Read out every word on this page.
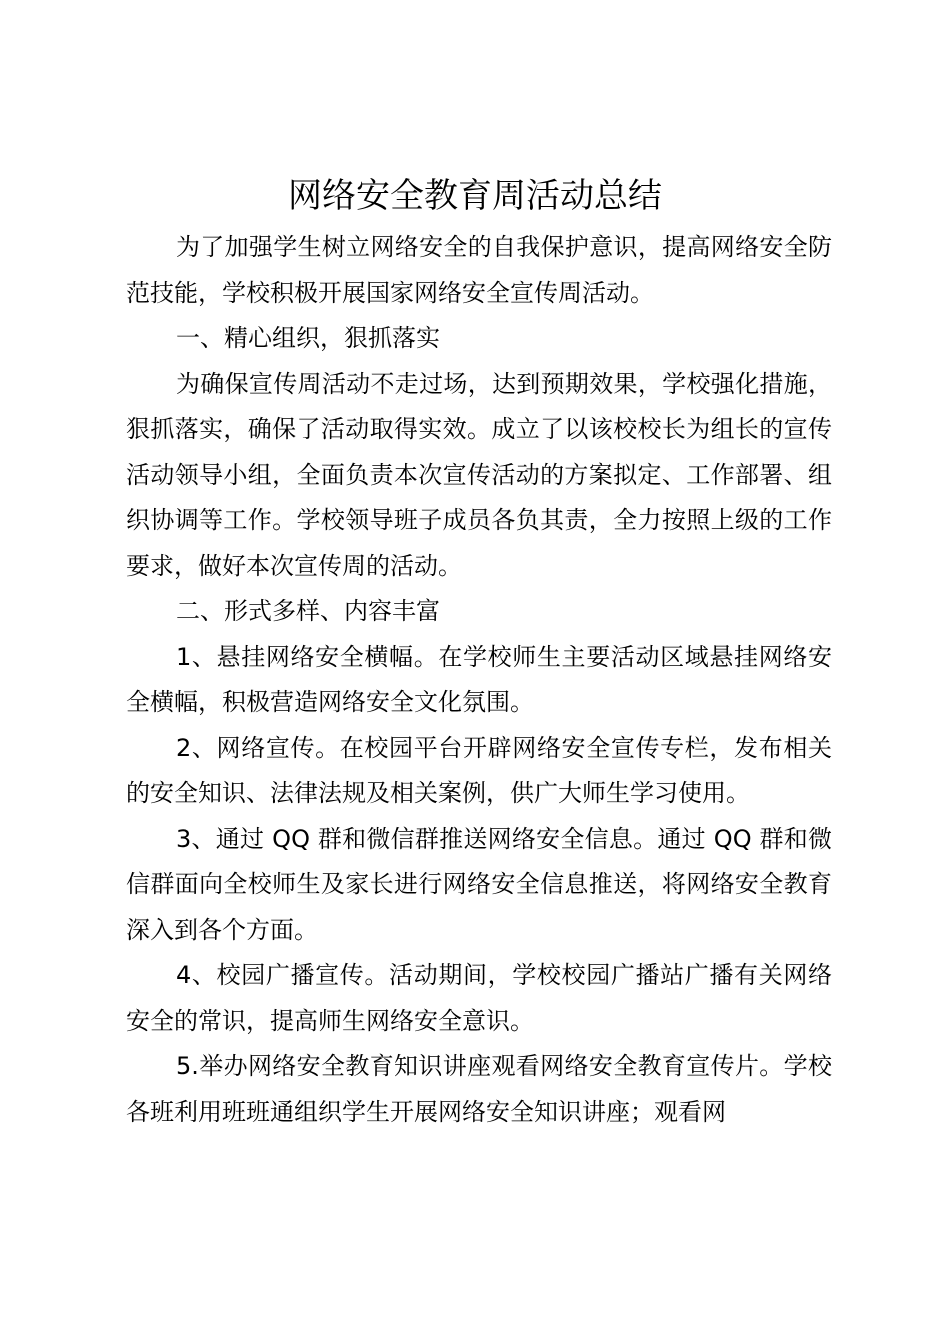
网络安全教育周活动总结

为了加强学生树立网络安全的自我保护意识，提高网络安全防范技能，学校积极开展国家网络安全宣传周活动。

一、精心组织，狠抓落实

为确保宣传周活动不走过场，达到预期效果，学校强化措施，狠抓落实，确保了活动取得实效。成立了以该校校长为组长的宣传活动领导小组，全面负责本次宣传活动的方案拟定、工作部署、组织协调等工作。学校领导班子成员各负其责，全力按照上级的工作要求，做好本次宣传周的活动。

二、形式多样、内容丰富

1、悬挂网络安全横幅。在学校师生主要活动区域悬挂网络安全横幅，积极营造网络安全文化氛围。

2、网络宣传。在校园平台开辟网络安全宣传专栏，发布相关的安全知识、法律法规及相关案例，供广大师生学习使用。

3、通过 QQ 群和微信群推送网络安全信息。通过 QQ 群和微信群面向全校师生及家长进行网络安全信息推送，将网络安全教育深入到各个方面。

4、校园广播宣传。活动期间，学校校园广播站广播有关网络安全的常识，提高师生网络安全意识。

5.举办网络安全教育知识讲座观看网络安全教育宣传片。学校各班利用班班通组织学生开展网络安全知识讲座；观看网
